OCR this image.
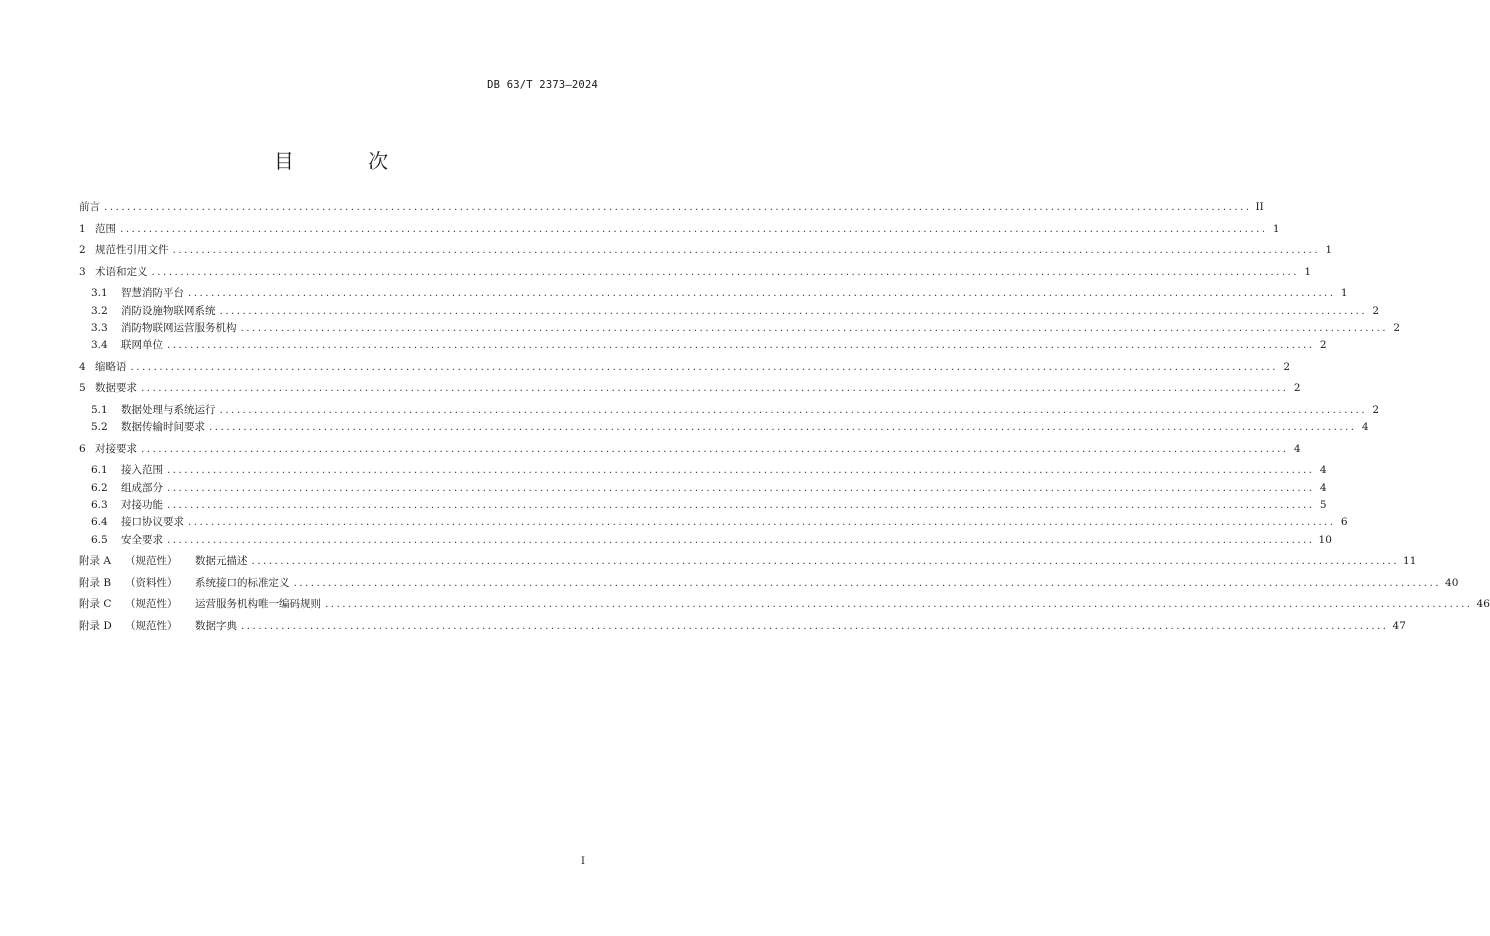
DB 63/T 2373—2024
目 次
前言 ........................................................................................................................................................................................................ II
1 范围 ........................................................................................................................................................................................................ 1
2 规范性引用文件 ........................................................................................................................................................................................................ 1
3 术语和定义 ........................................................................................................................................................................................................ 1
3.1 智慧消防平台 ........................................................................................................................................................................................................ 1
3.2 消防设施物联网系统 ........................................................................................................................................................................................................ 2
3.3 消防物联网运营服务机构 ........................................................................................................................................................................................................ 2
3.4 联网单位 ........................................................................................................................................................................................................ 2
4 缩略语 ........................................................................................................................................................................................................ 2
5 数据要求 ........................................................................................................................................................................................................ 2
5.1 数据处理与系统运行 ........................................................................................................................................................................................................ 2
5.2 数据传输时间要求 ........................................................................................................................................................................................................ 4
6 对接要求 ........................................................................................................................................................................................................ 4
6.1 接入范围 ........................................................................................................................................................................................................ 4
6.2 组成部分 ........................................................................................................................................................................................................ 4
6.3 对接功能 ........................................................................................................................................................................................................ 5
6.4 接口协议要求 ........................................................................................................................................................................................................ 6
6.5 安全要求 ........................................................................................................................................................................................................ 10
附录 A （规范性） 数据元描述 ........................................................................................................................................................................................................ 11
附录 B （资料性） 系统接口的标准定义 ........................................................................................................................................................................................................ 40
附录 C （规范性） 运营服务机构唯一编码规则 ........................................................................................................................................................................................................ 46
附录 D （规范性） 数据字典 ........................................................................................................................................................................................................ 47
I
